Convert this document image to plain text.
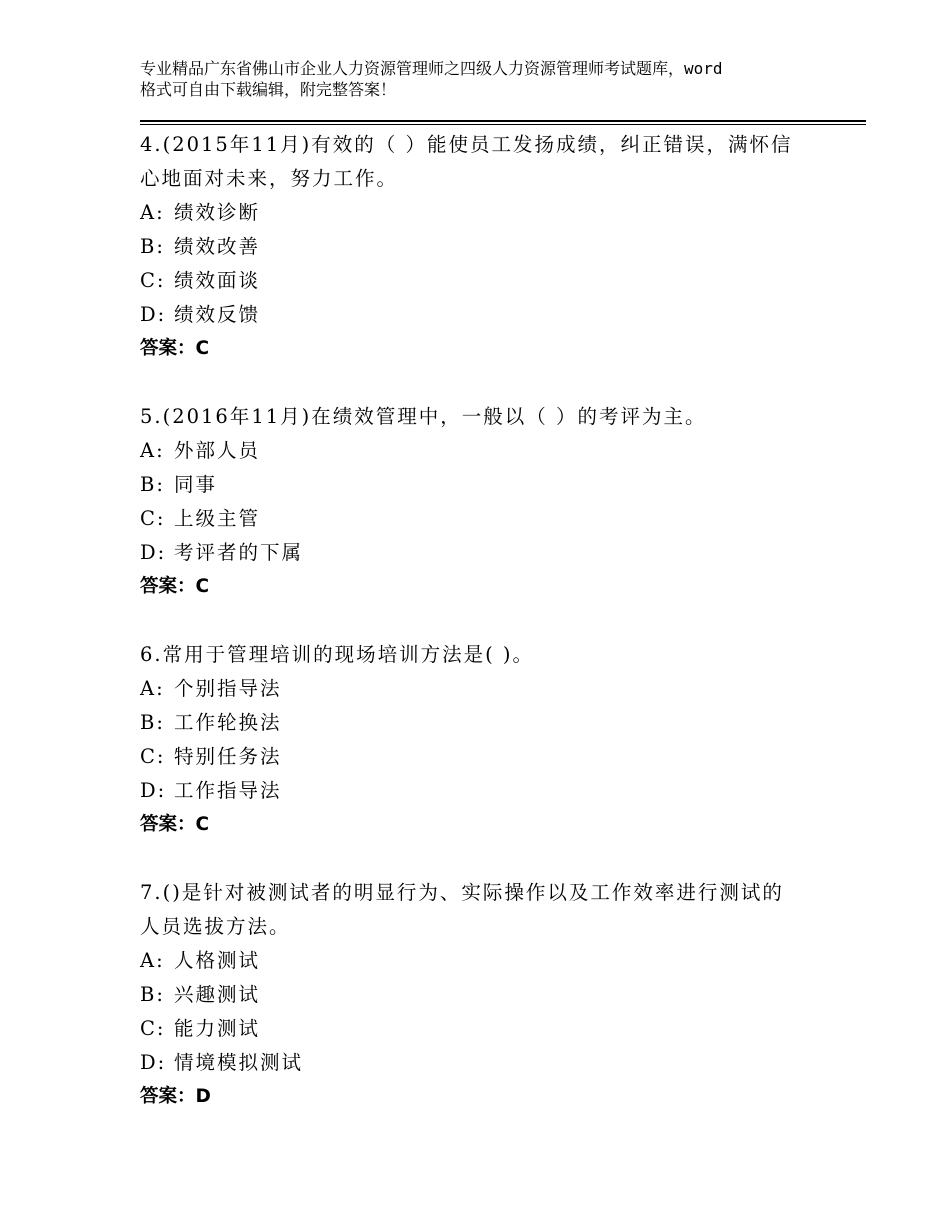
专业精品广东省佛山市企业人力资源管理师之四级人力资源管理师考试题库，word
格式可自由下载编辑，附完整答案！

4.(2015年11月)有效的（ ）能使员工发扬成绩，纠正错误，满怀信
心地面对未来，努力工作。

A: 绩效诊断

B: 绩效改善

C: 绩效面谈

D: 绩效反馈

答案：C

5.(2016年11月)在绩效管理中，一般以（ ）的考评为主。

A: 外部人员

B: 同事

C: 上级主管

D: 考评者的下属

答案：C

6.常用于管理培训的现场培训方法是( )。

A: 个别指导法

B: 工作轮换法

C: 特别任务法

D: 工作指导法

答案：C

7.()是针对被测试者的明显行为、实际操作以及工作效率进行测试的
人员选拔方法。

A: 人格测试

B: 兴趣测试

C: 能力测试

D: 情境模拟测试

答案：D
